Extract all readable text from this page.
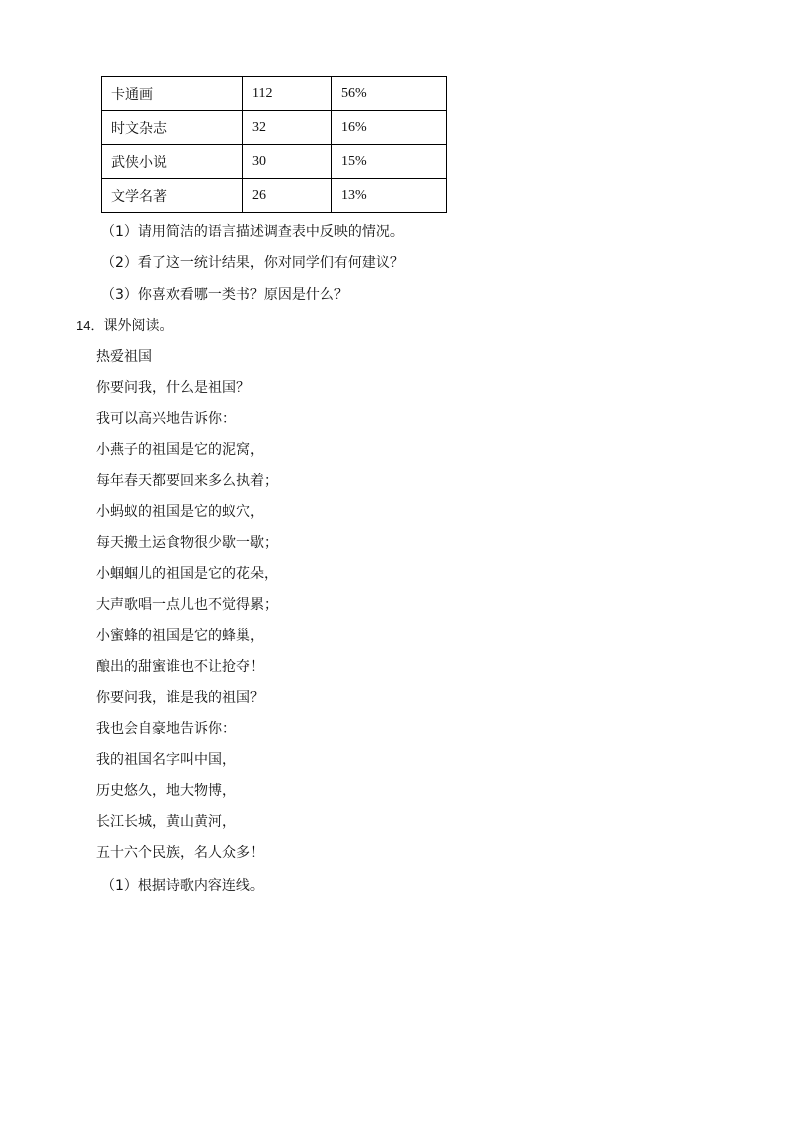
卡通画	112	56%
时文杂志	32	16%
武侠小说	30	15%
文学名著	26	13%
（1）请用简洁的语言描述调查表中反映的情况。
（2）看了这一统计结果，你对同学们有何建议？
（3）你喜欢看哪一类书？原因是什么？
14．课外阅读。
热爱祖国
你要问我，什么是祖国？
我可以高兴地告诉你：
小燕子的祖国是它的泥窝，
每年春天都要回来多么执着；
小蚂蚁的祖国是它的蚁穴，
每天搬土运食物很少歇一歇；
小蝈蝈儿的祖国是它的花朵，
大声歌唱一点儿也不觉得累；
小蜜蜂的祖国是它的蜂巢，
酿出的甜蜜谁也不让抢夺！
你要问我，谁是我的祖国？
我也会自豪地告诉你：
我的祖国名字叫中国，
历史悠久，地大物博，
长江长城，黄山黄河，
五十六个民族，名人众多！
（1）根据诗歌内容连线。
